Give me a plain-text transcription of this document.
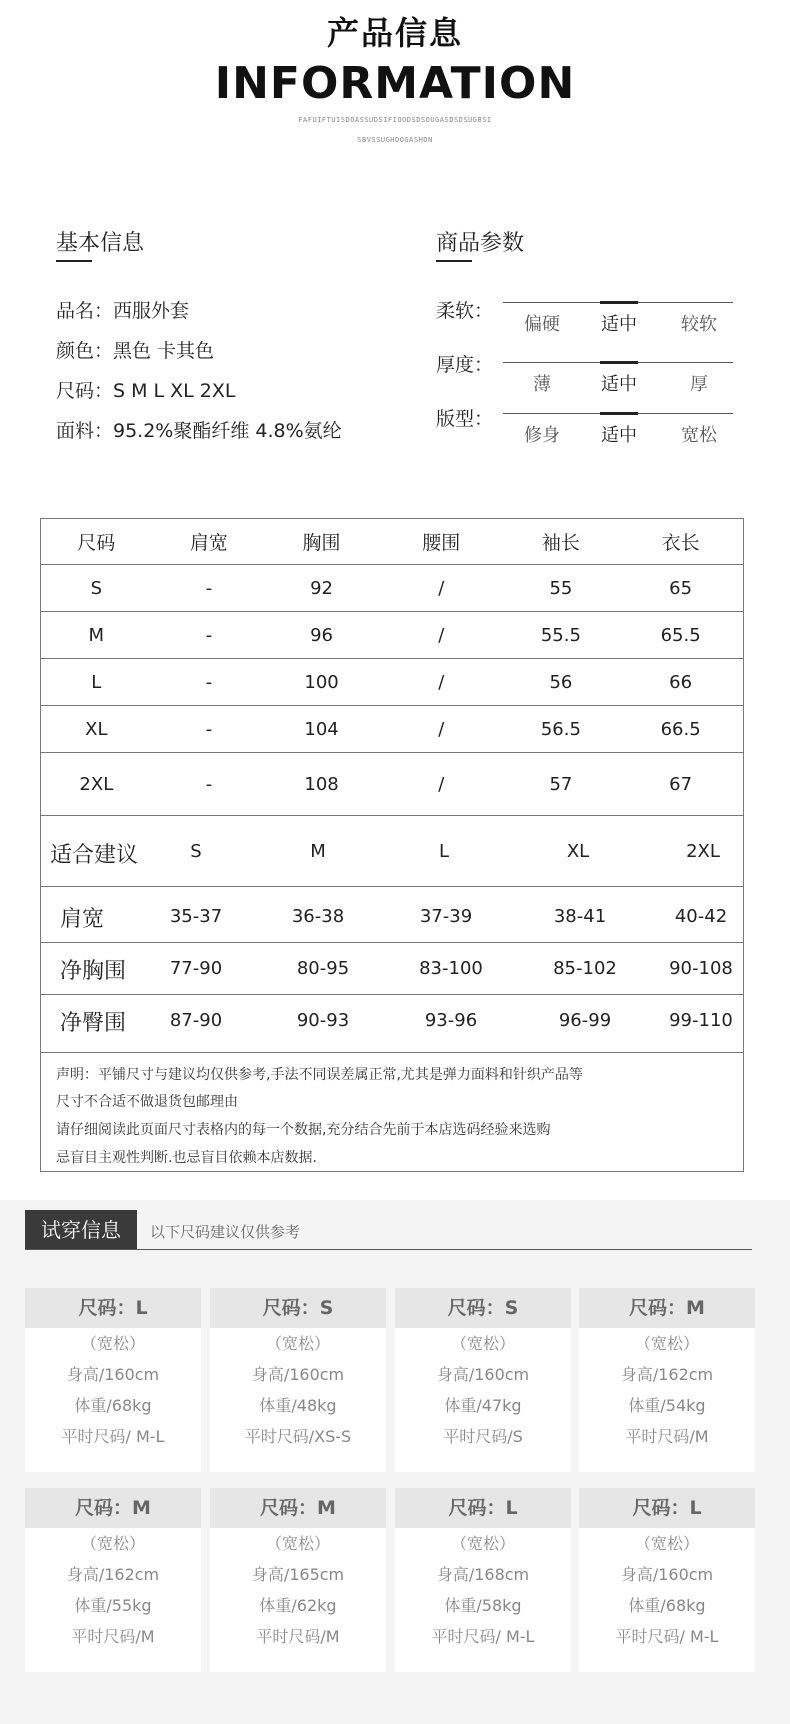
产品信息
INFORMATION
FAFUIFTUISDOASSUDSIFIOODSDSOUGASDSDSUGBSI
SBVSSUGHDOGASHDN
基本信息
品名：西服外套
颜色：黑色 卡其色
尺码：S M L XL 2XL
面料：95.2%聚酯纤维 4.8%氨纶
商品参数
柔软：
偏硬	适中	较软
厚度：
薄	适中	厚
版型：
修身	适中	宽松
尺码	肩宽	胸围	腰围	袖长	衣长
S	-	92	/	55	65
M	-	96	/	55.5	65.5
L	-	100	/	56	66
XL	-	104	/	56.5	66.5
2XL	-	108	/	57	67
适合建议	S	M	L	XL	2XL
肩宽	35-37	36-38	37-39	38-41	40-42
净胸围	77-90	80-95	83-100	85-102	90-108
净臀围	87-90	90-93	93-96	96-99	99-110
声明：平铺尺寸与建议均仅供参考,手法不同误差属正常,尤其是弹力面料和针织产品等
尺寸不合适不做退货包邮理由
请仔细阅读此页面尺寸表格内的每一个数据,充分结合先前于本店选码经验来选购
忌盲目主观性判断.也忌盲目依赖本店数据.
试穿信息	以下尺码建议仅供参考
尺码：L
（宽松）
身高/160cm
体重/68kg
平时尺码/ M-L
尺码：S
（宽松）
身高/160cm
体重/48kg
平时尺码/XS-S
尺码：S
（宽松）
身高/160cm
体重/47kg
平时尺码/S
尺码：M
（宽松）
身高/162cm
体重/54kg
平时尺码/M
尺码：M
（宽松）
身高/162cm
体重/55kg
平时尺码/M
尺码：M
（宽松）
身高/165cm
体重/62kg
平时尺码/M
尺码：L
（宽松）
身高/168cm
体重/58kg
平时尺码/ M-L
尺码：L
（宽松）
身高/160cm
体重/68kg
平时尺码/ M-L
